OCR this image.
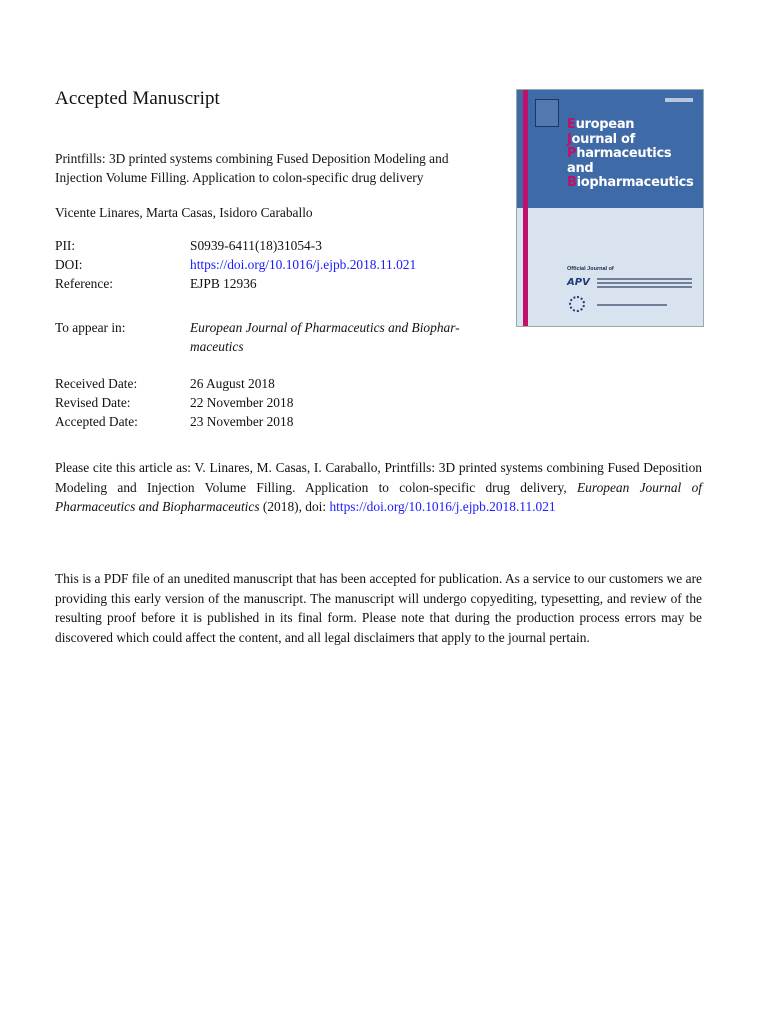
Accepted Manuscript
Printfills: 3D printed systems combining Fused Deposition Modeling and Injection Volume Filling. Application to colon-specific drug delivery
Vicente Linares, Marta Casas, Isidoro Caraballo
PII:	S0939-6411(18)31054-3
DOI:	https://doi.org/10.1016/j.ejpb.2018.11.021
Reference:	EJPB 12936
To appear in:	European Journal of Pharmaceutics and Biophar-
maceutics
Received Date:	26 August 2018
Revised Date:	22 November 2018
Accepted Date:	23 November 2018
Please cite this article as: V. Linares, M. Casas, I. Caraballo, Printfills: 3D printed systems combining Fused Deposition Modeling and Injection Volume Filling. Application to colon-specific drug delivery, European Journal of Pharmaceutics and Biopharmaceutics (2018), doi: https://doi.org/10.1016/j.ejpb.2018.11.021
This is a PDF file of an unedited manuscript that has been accepted for publication. As a service to our customers we are providing this early version of the manuscript. The manuscript will undergo copyediting, typesetting, and review of the resulting proof before it is published in its final form. Please note that during the production process errors may be discovered which could affect the content, and all legal disclaimers that apply to the journal pertain.
European
Journal of
Pharmaceutics and
Biopharmaceutics
Official Journal of
APV
